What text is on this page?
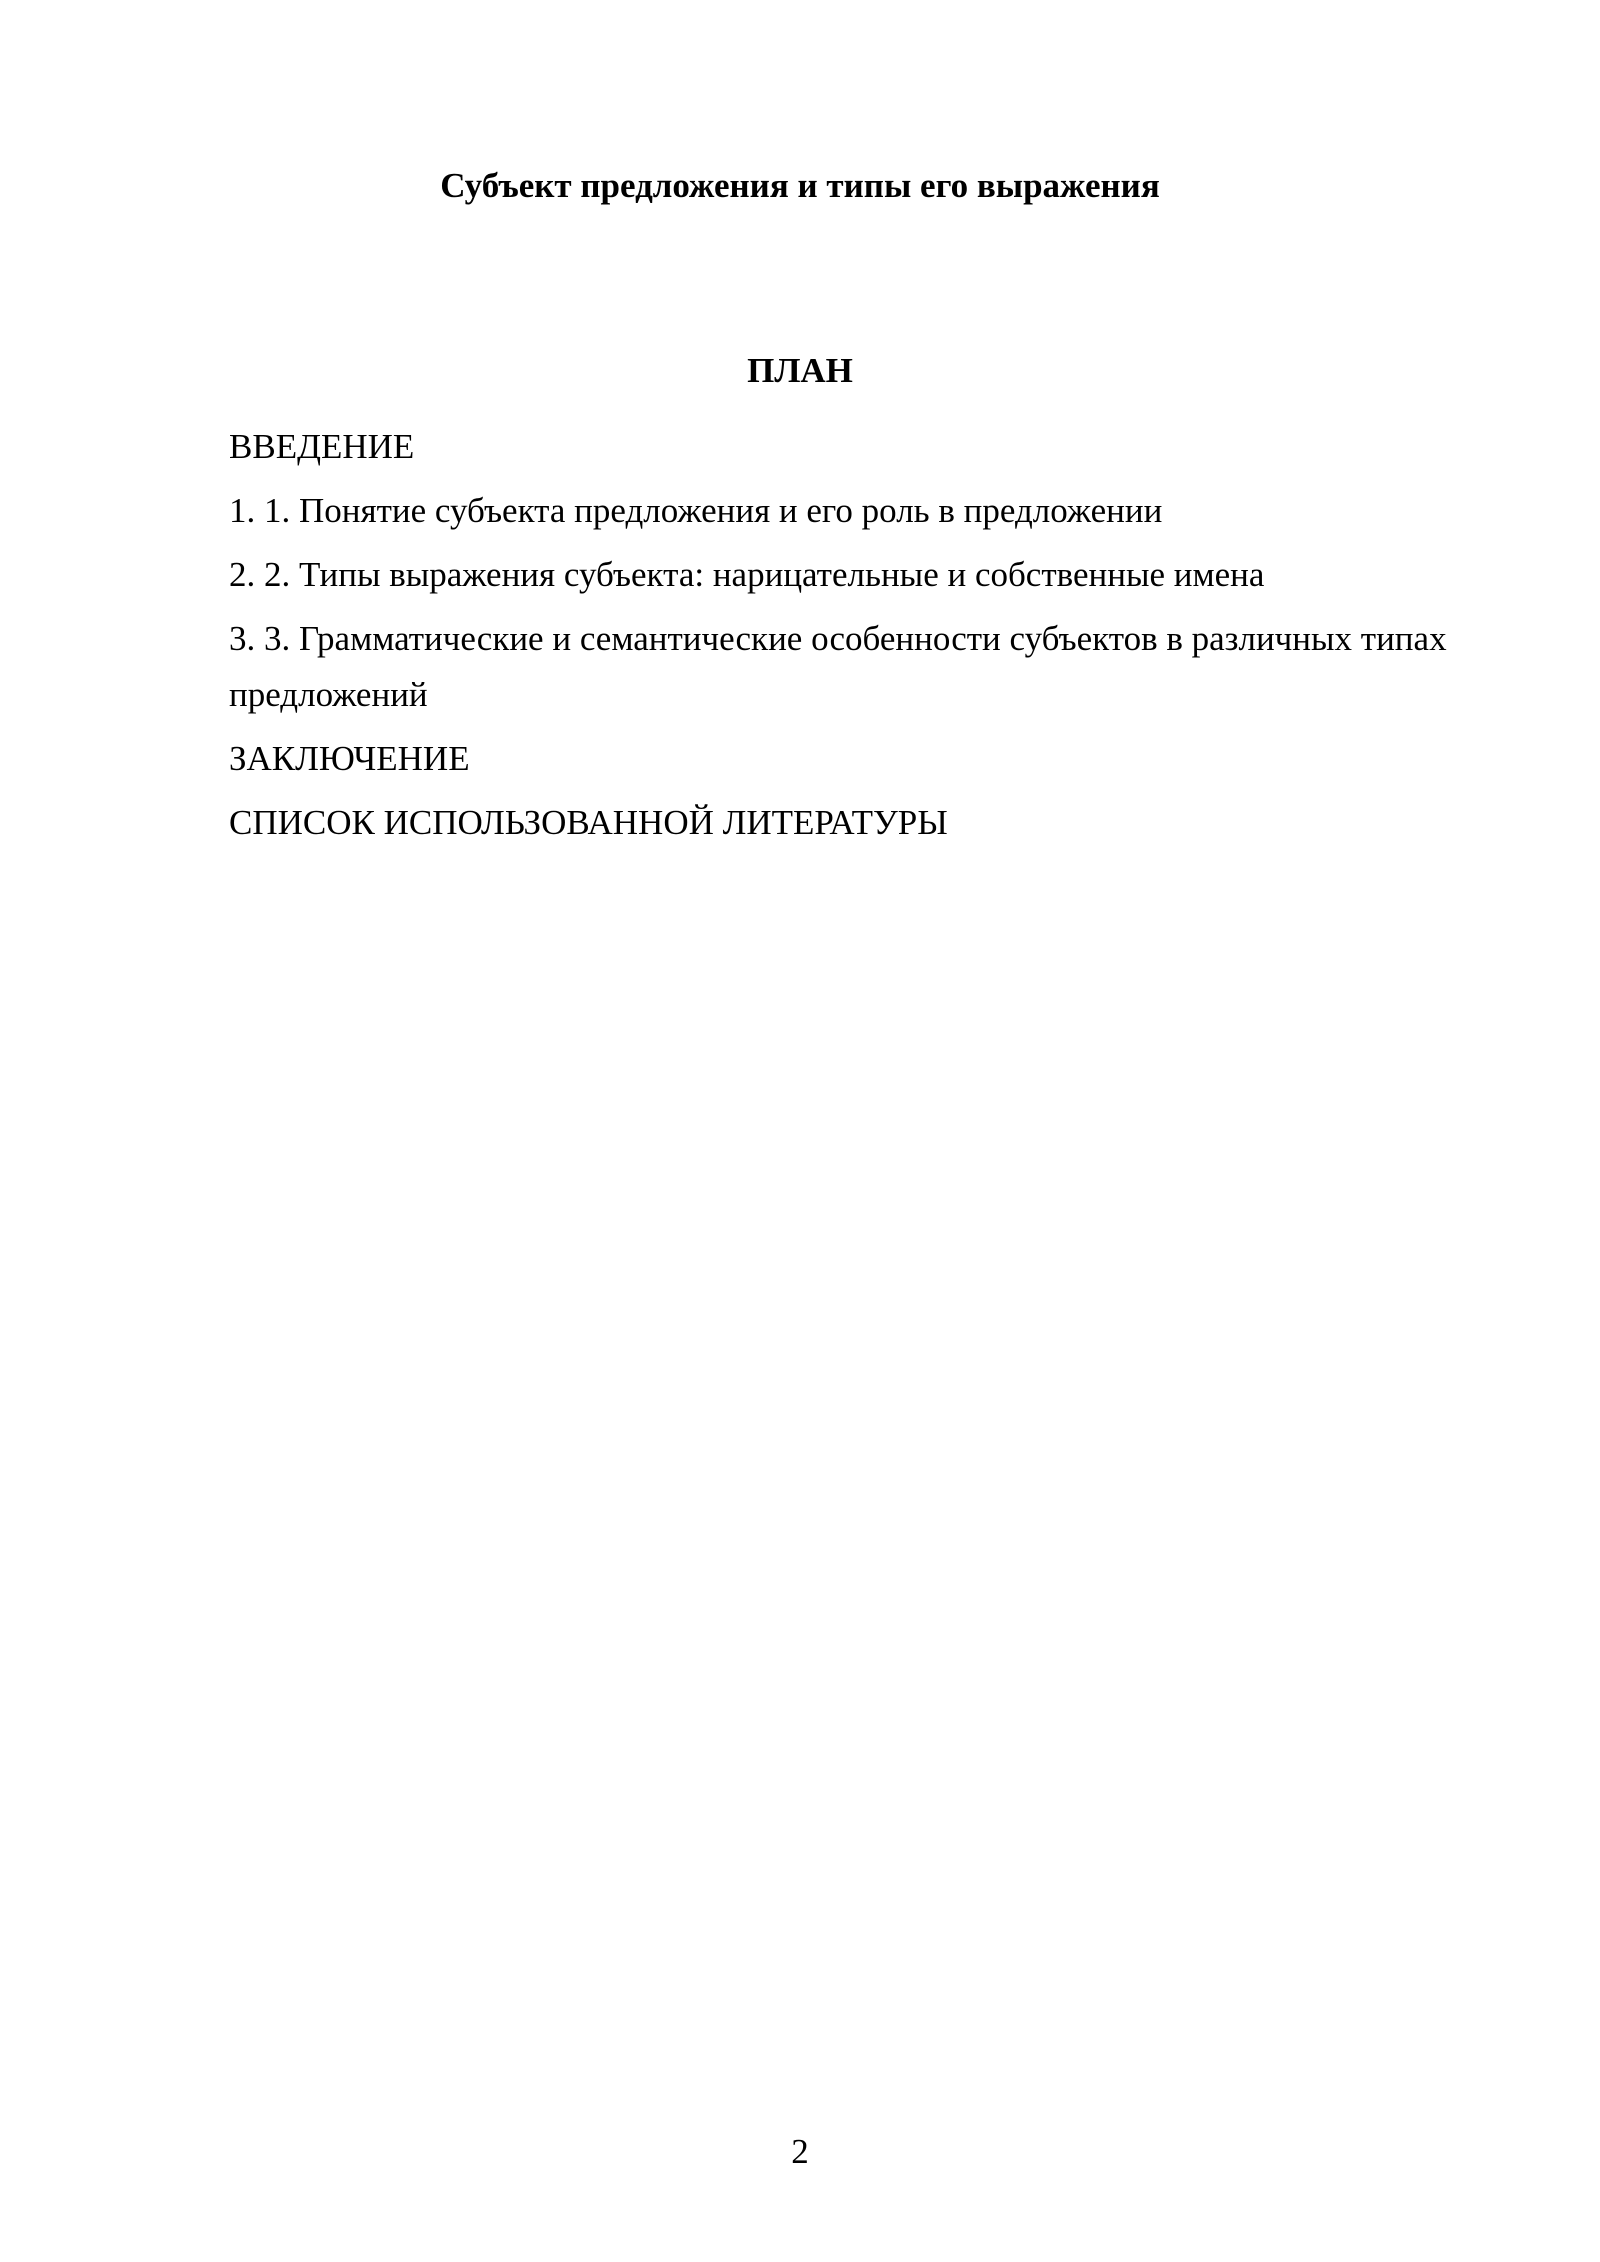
Субъект предложения и типы его выражения
ПЛАН
ВВЕДЕНИЕ
1. 1. Понятие субъекта предложения и его роль в предложении
2. 2. Типы выражения субъекта: нарицательные и собственные имена
3. 3. Грамматические и семантические особенности субъектов в различных типах предложений
ЗАКЛЮЧЕНИЕ
СПИСОК ИСПОЛЬЗОВАННОЙ ЛИТЕРАТУРЫ
2
